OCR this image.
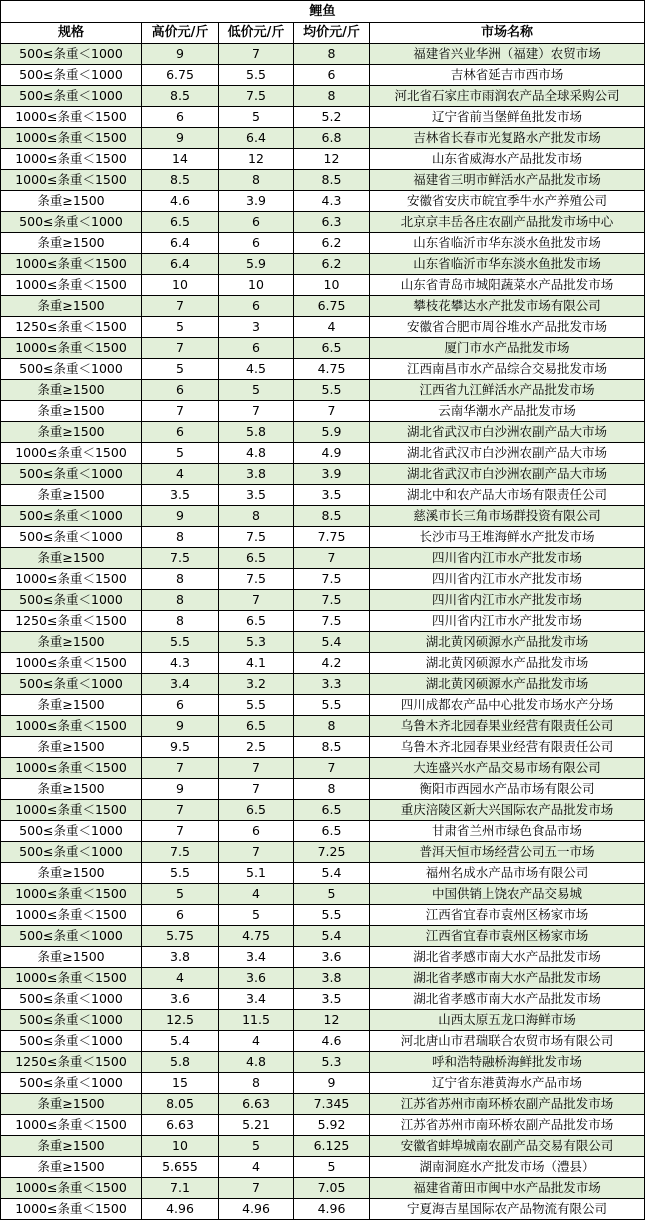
鲤鱼				
规格	高价元/斤	低价元/斤	均价元/斤	市场名称
500≤条重＜1000	9	7	8	福建省兴业华洲（福建）农贸市场
500≤条重＜1000	6.75	5.5	6	吉林省延吉市西市场
500≤条重＜1000	8.5	7.5	8	河北省石家庄市雨润农产品全球采购公司
1000≤条重＜1500	6	5	5.2	辽宁省前当堡鲜鱼批发市场
1000≤条重＜1500	9	6.4	6.8	吉林省长春市光复路水产批发市场
1000≤条重＜1500	14	12	12	山东省威海水产品批发市场
1000≤条重＜1500	8.5	8	8.5	福建省三明市鲜活水产品批发市场
条重≥1500	4.6	3.9	4.3	安徽省安庆市皖宜季牛水产养殖公司
500≤条重＜1000	6.5	6	6.3	北京京丰岳各庄农副产品批发市场中心
条重≥1500	6.4	6	6.2	山东省临沂市华东淡水鱼批发市场
1000≤条重＜1500	6.4	5.9	6.2	山东省临沂市华东淡水鱼批发市场
1000≤条重＜1500	10	10	10	山东省青岛市城阳蔬菜水产品批发市场
条重≥1500	7	6	6.75	攀枝花攀达水产批发市场有限公司
1250≤条重＜1500	5	3	4	安徽省合肥市周谷堆水产品批发市场
1000≤条重＜1500	7	6	6.5	厦门市水产品批发市场
500≤条重＜1000	5	4.5	4.75	江西南昌市水产品综合交易批发市场
条重≥1500	6	5	5.5	江西省九江鲜活水产品批发市场
条重≥1500	7	7	7	云南华潮水产品批发市场
条重≥1500	6	5.8	5.9	湖北省武汉市白沙洲农副产品大市场
1000≤条重＜1500	5	4.8	4.9	湖北省武汉市白沙洲农副产品大市场
500≤条重＜1000	4	3.8	3.9	湖北省武汉市白沙洲农副产品大市场
条重≥1500	3.5	3.5	3.5	湖北中和农产品大市场有限责任公司
500≤条重＜1000	9	8	8.5	慈溪市长三角市场群投资有限公司
500≤条重＜1000	8	7.5	7.75	长沙市马王堆海鲜水产批发市场
条重≥1500	7.5	6.5	7	四川省内江市水产批发市场
1000≤条重＜1500	8	7.5	7.5	四川省内江市水产批发市场
500≤条重＜1000	8	7	7.5	四川省内江市水产批发市场
1250≤条重＜1500	8	6.5	7.5	四川省内江市水产批发市场
条重≥1500	5.5	5.3	5.4	湖北黄冈硕源水产品批发市场
1000≤条重＜1500	4.3	4.1	4.2	湖北黄冈硕源水产品批发市场
500≤条重＜1000	3.4	3.2	3.3	湖北黄冈硕源水产品批发市场
条重≥1500	6	5.5	5.5	四川成都农产品中心批发市场水产分场
1000≤条重＜1500	9	6.5	8	乌鲁木齐北园春果业经营有限责任公司
条重≥1500	9.5	2.5	8.5	乌鲁木齐北园春果业经营有限责任公司
1000≤条重＜1500	7	7	7	大连盛兴水产品交易市场有限公司
条重≥1500	9	7	8	衡阳市西园水产品市场有限公司
1000≤条重＜1500	7	6.5	6.5	重庆涪陵区新大兴国际农产品批发市场
500≤条重＜1000	7	6	6.5	甘肃省兰州市绿色食品市场
500≤条重＜1000	7.5	7	7.25	普洱天恒市场经营公司五一市场
条重≥1500	5.5	5.1	5.4	福州名成水产品市场有限公司
1000≤条重＜1500	5	4	5	中国供销上饶农产品交易城
1000≤条重＜1500	6	5	5.5	江西省宜春市袁州区杨家市场
500≤条重＜1000	5.75	4.75	5.4	江西省宜春市袁州区杨家市场
条重≥1500	3.8	3.4	3.6	湖北省孝感市南大水产品批发市场
1000≤条重＜1500	4	3.6	3.8	湖北省孝感市南大水产品批发市场
500≤条重＜1000	3.6	3.4	3.5	湖北省孝感市南大水产品批发市场
500≤条重＜1000	12.5	11.5	12	山西太原五龙口海鲜市场
500≤条重＜1000	5.4	4	4.6	河北唐山市君瑞联合农贸市场有限公司
1250≤条重＜1500	5.8	4.8	5.3	呼和浩特融桥海鲜批发市场
500≤条重＜1000	15	8	9	辽宁省东港黄海水产品市场
条重≥1500	8.05	6.63	7.345	江苏省苏州市南环桥农副产品批发市场
1000≤条重＜1500	6.63	5.21	5.92	江苏省苏州市南环桥农副产品批发市场
条重≥1500	10	5	6.125	安徽省蚌埠城南农副产品交易有限公司
条重≥1500	5.655	4	5	湖南洞庭水产批发市场（澧县）
1000≤条重＜1500	7.1	7	7.05	福建省莆田市闽中水产品批发市场
1000≤条重＜1500	4.96	4.96	4.96	宁夏海吉星国际农产品物流有限公司
